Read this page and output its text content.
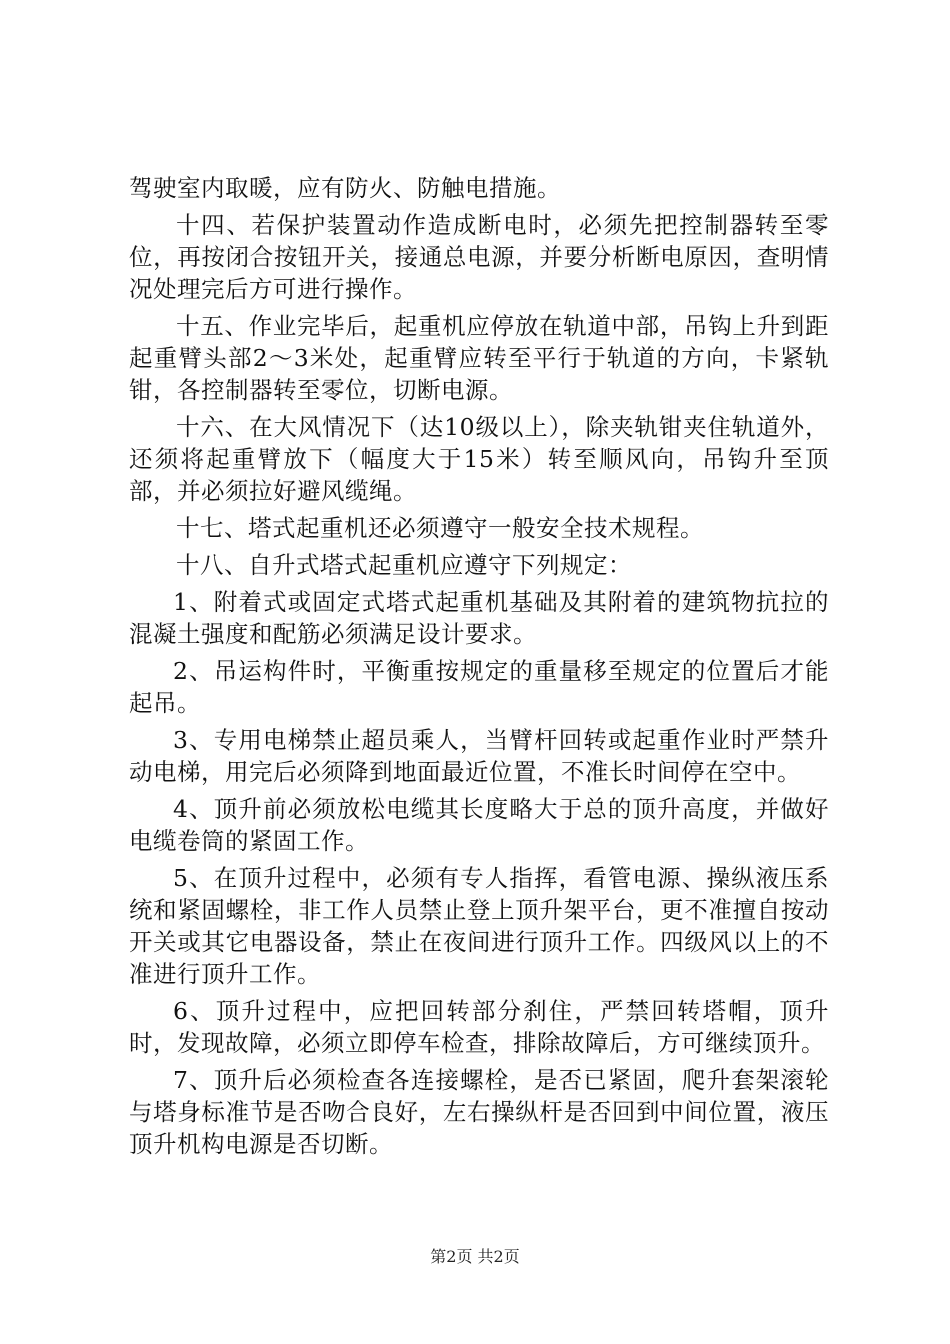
驾驶室内取暖，应有防火、防触电措施。

十四、若保护装置动作造成断电时，必须先把控制器转至零位，再按闭合按钮开关，接通总电源，并要分析断电原因，查明情况处理完后方可进行操作。

十五、作业完毕后，起重机应停放在轨道中部，吊钩上升到距起重臂头部2～3米处，起重臂应转至平行于轨道的方向，卡紧轨钳，各控制器转至零位，切断电源。

十六、在大风情况下（达10级以上），除夹轨钳夹住轨道外，还须将起重臂放下（幅度大于15米）转至顺风向，吊钩升至顶部，并必须拉好避风缆绳。

十七、塔式起重机还必须遵守一般安全技术规程。

十八、自升式塔式起重机应遵守下列规定：

1、附着式或固定式塔式起重机基础及其附着的建筑物抗拉的混凝土强度和配筋必须满足设计要求。

2、吊运构件时，平衡重按规定的重量移至规定的位置后才能起吊。

3、专用电梯禁止超员乘人，当臂杆回转或起重作业时严禁升动电梯，用完后必须降到地面最近位置，不准长时间停在空中。

4、顶升前必须放松电缆其长度略大于总的顶升高度，并做好电缆卷筒的紧固工作。

5、在顶升过程中，必须有专人指挥，看管电源、操纵液压系统和紧固螺栓，非工作人员禁止登上顶升架平台，更不准擅自按动开关或其它电器设备，禁止在夜间进行顶升工作。四级风以上的不准进行顶升工作。

6、顶升过程中，应把回转部分刹住，严禁回转塔帽，顶升时，发现故障，必须立即停车检查，排除故障后，方可继续顶升。

7、顶升后必须检查各连接螺栓，是否已紧固，爬升套架滚轮与塔身标准节是否吻合良好，左右操纵杆是否回到中间位置，液压顶升机构电源是否切断。

第2页 共2页
